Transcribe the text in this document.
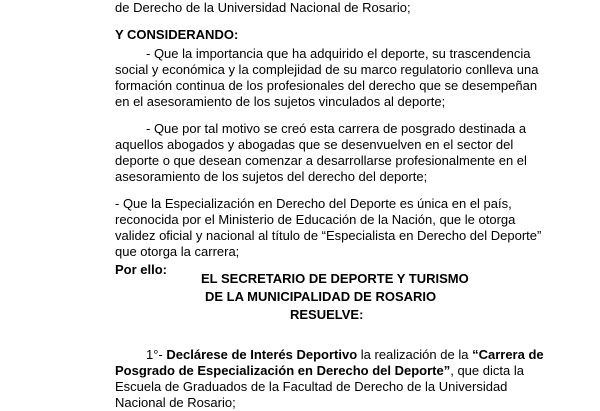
de Derecho de la Universidad Nacional de Rosario;
Y CONSIDERANDO:
- Que la importancia que ha adquirido el deporte, su trascendencia
social y económica y la complejidad de su marco regulatorio conlleva una
formación continua de los profesionales del derecho que se desempeñan
en el asesoramiento de los sujetos vinculados al deporte;
- Que por tal motivo se creó esta carrera de posgrado destinada a
aquellos abogados y abogadas que se desenvuelven en el sector del
deporte o que desean comenzar a desarrollarse profesionalmente en el
asesoramiento de los sujetos del derecho del deporte;
- Que la Especialización en Derecho del Deporte es única en el país,
reconocida por el Ministerio de Educación de la Nación, que le otorga
validez oficial y nacional al título de “Especialista en Derecho del Deporte”
que otorga la carrera;
Por ello:
EL SECRETARIO DE DEPORTE Y TURISMO
DE LA MUNICIPALIDAD DE ROSARIO
RESUELVE:
1°- Declárese de Interés Deportivo la realización de la “Carrera de
Posgrado de Especialización en Derecho del Deporte”, que dicta la
Escuela de Graduados de la Facultad de Derecho de la Universidad
Nacional de Rosario;
